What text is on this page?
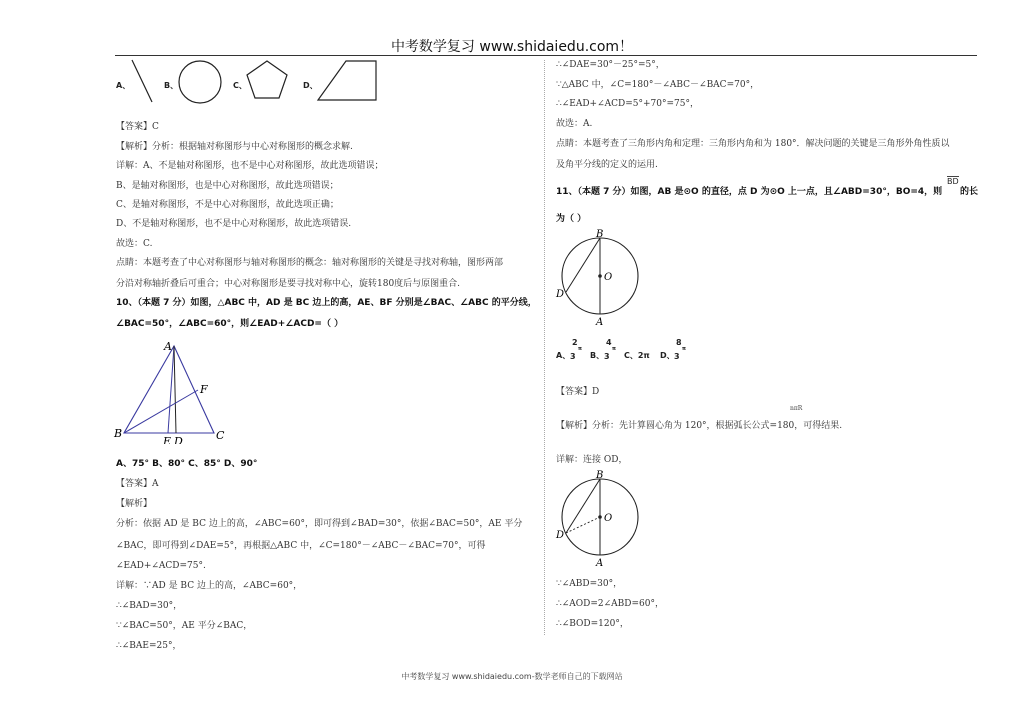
中考数学复习 www.shidaiedu.com！
A、	B、	C、	D、
【答案】C
【解析】分析：根据轴对称图形与中心对称图形的概念求解.
详解：A、不是轴对称图形，也不是中心对称图形，故此选项错误；
B、是轴对称图形，也是中心对称图形，故此选项错误；
C、是轴对称图形，不是中心对称图形，故此选项正确；
D、不是轴对称图形，也不是中心对称图形，故此选项错误.
故选：C.
点睛：本题考查了中心对称图形与轴对称图形的概念：轴对称图形的关键是寻找对称轴，图形两部
分沿对称轴折叠后可重合；中心对称图形是要寻找对称中心，旋转180度后与原图重合.
10、（本题 7 分）如图，△ABC 中，AD 是 BC 边上的高，AE、BF 分别是∠BAC、∠ABC 的平分线，
∠BAC=50°，∠ABC=60°，则∠EAD+∠ACD=（ ）
A
B	C
E D
F
A、75° B、80° C、85° D、90°
【答案】A
【解析】
分析：依据 AD 是 BC 边上的高，∠ABC=60°，即可得到∠BAD=30°，依据∠BAC=50°，AE 平分
∠BAC，即可得到∠DAE=5°，再根据△ABC 中，∠C=180°－∠ABC－∠BAC=70°，可得
∠EAD+∠ACD=75°.
详解：∵AD 是 BC 边上的高，∠ABC=60°，
∴∠BAD=30°，
∵∠BAC=50°，AE 平分∠BAC，
∴∠BAE=25°，
∴∠DAE=30°－25°=5°，
∵△ABC 中，∠C=180°－∠ABC－∠BAC=70°，
∴∠EAD+∠ACD=5°+70°=75°，
故选：A.
点睛：本题考查了三角形内角和定理：三角形内角和为 180°．解决问题的关键是三角形外角性质以
及角平分线的定义的运用.
11、（本题 7 分）如图，AB 是⊙O 的直径，点 D 为⊙O 上一点，且∠ABD=30°，BO=4，则
BD
的长
为（ ）
B
O
D
A
A、
2
3
π
B、
4
3
π
C、2π D、
8
3
π
【答案】D
nπR
【解析】分析：先计算圆心角为 120°，根据弧长公式=180，可得结果.
详解：连接 OD，
B
O
D
A
∵∠ABD=30°，
∴∠AOD=2∠ABD=60°，
∴∠BOD=120°，
中考数学复习 www.shidaiedu.com-数学老师自己的下载网站
